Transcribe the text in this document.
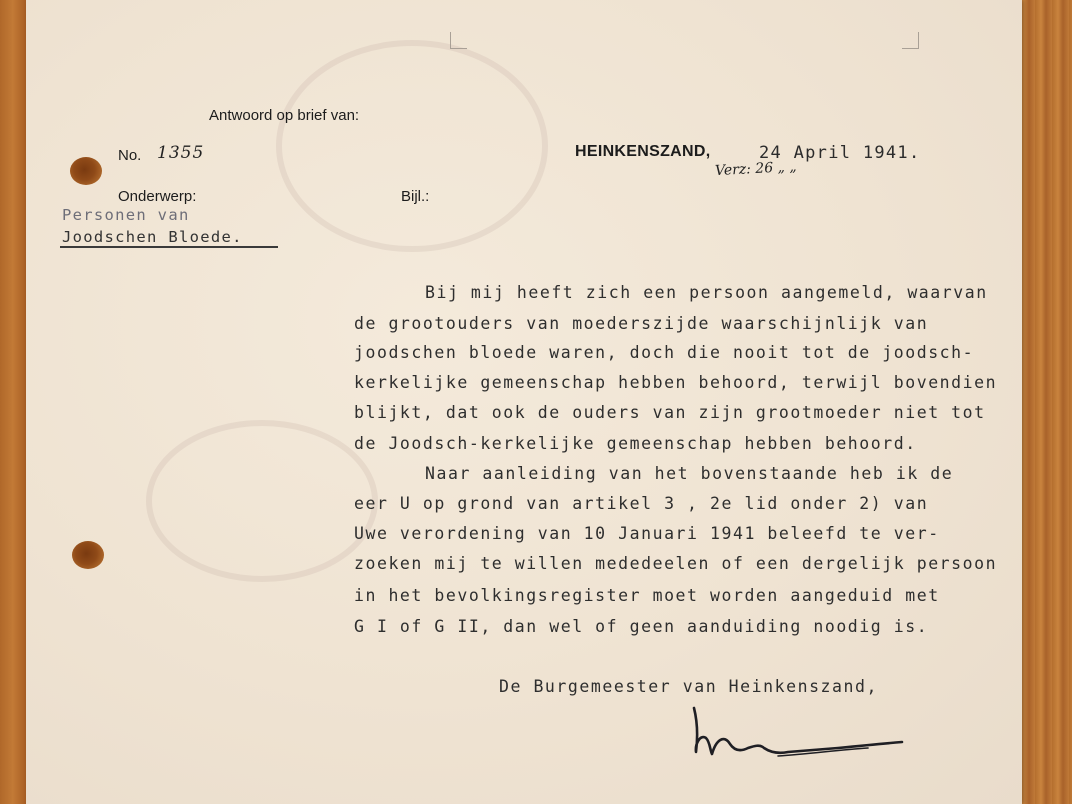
Antwoord op brief van:
No. 1355
Onderwerp:	Bijl.:
HEINKENSZAND,	24 April 1941.
Verz: 26 „ „
Personen van
Joodschen Bloede.
Bij mij heeft zich een persoon aangemeld, waarvan
de grootouders van moederszijde waarschijnlijk van
joodschen bloede waren, doch die nooit tot de joodsch-
kerkelijke gemeenschap hebben behoord, terwijl bovendien
blijkt, dat ook de ouders van zijn grootmoeder niet tot
de Joodsch-kerkelijke gemeenschap hebben behoord.
Naar aanleiding van het bovenstaande heb ik de
eer U op grond van artikel 3 , 2e lid onder 2) van
Uwe verordening van 10 Januari 1941 beleefd te ver-
zoeken mij te willen mededeelen of een dergelijk persoon
in het bevolkingsregister moet worden aangeduid met
G I of G II, dan wel of geen aanduiding noodig is.
De Burgemeester van Heinkenszand,
